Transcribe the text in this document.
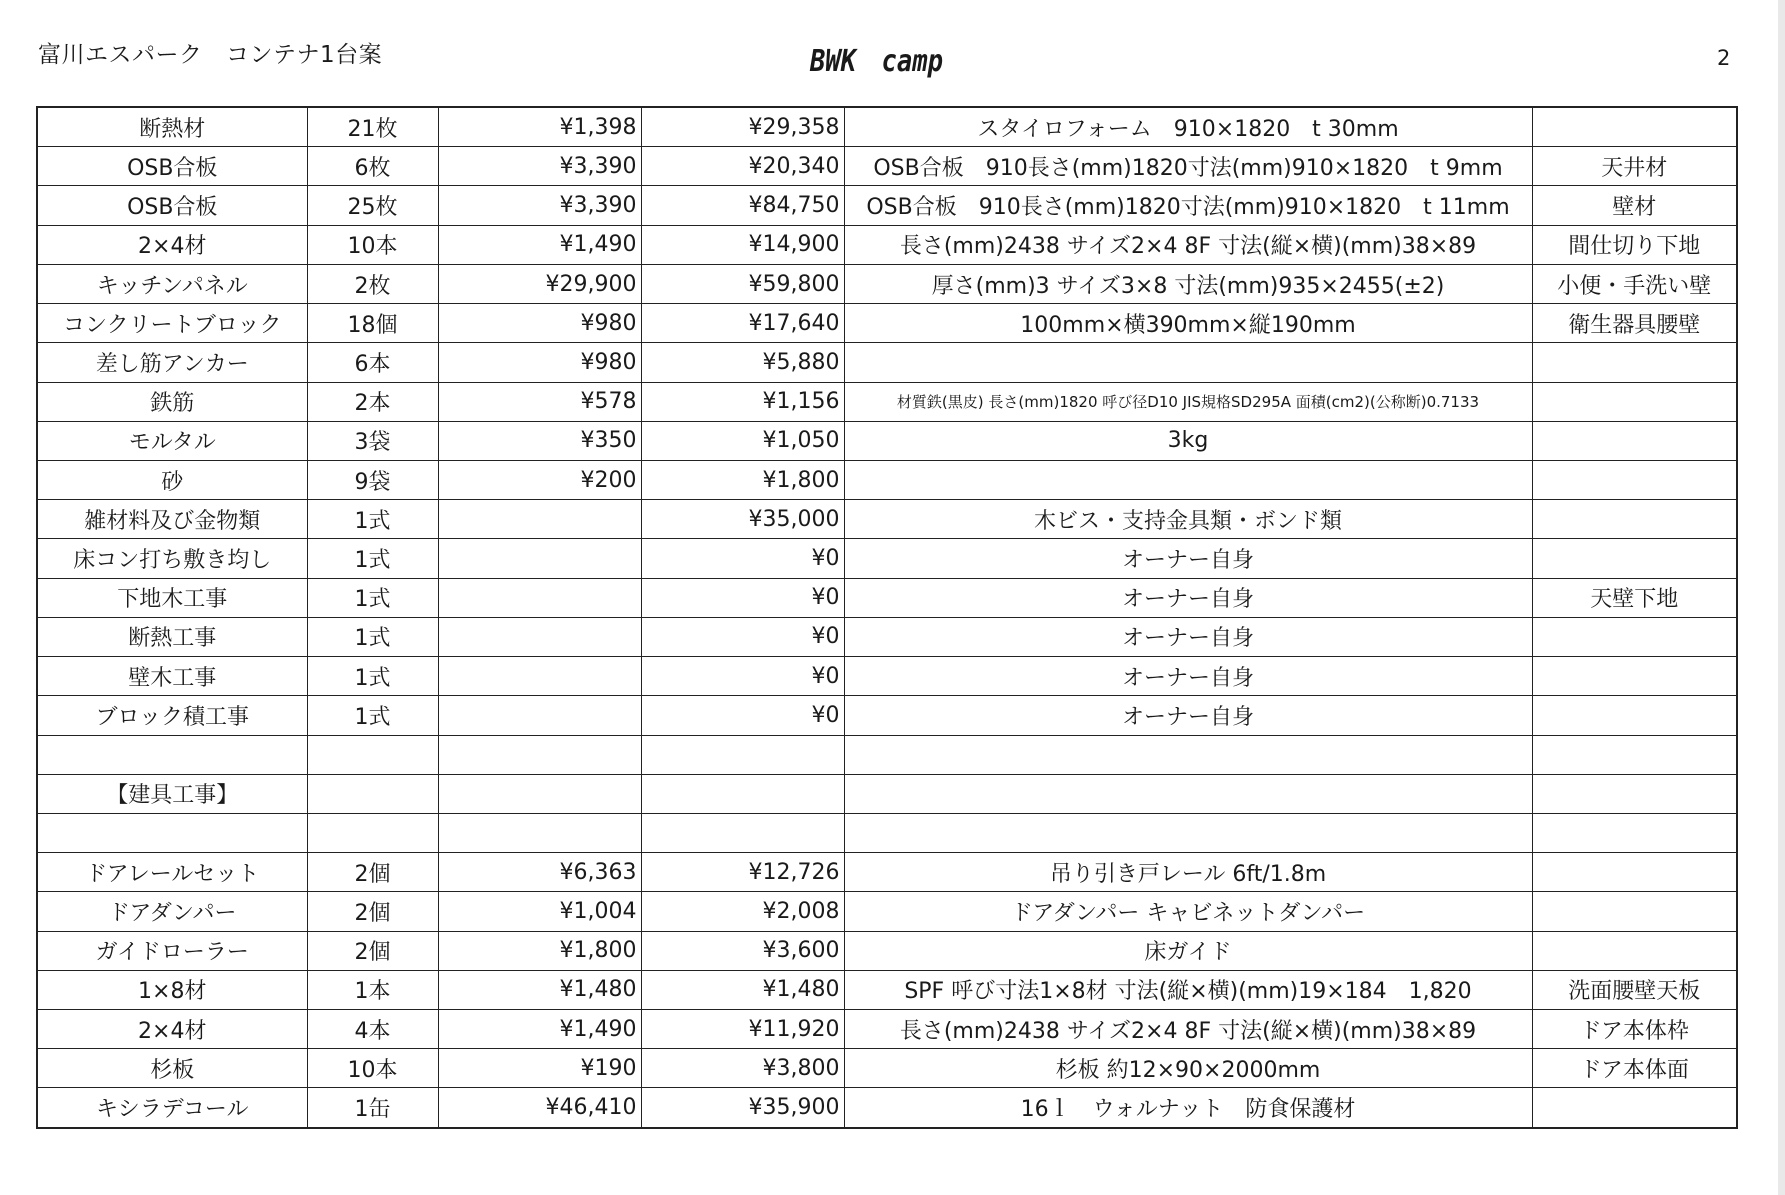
富川エスパーク　コンテナ1台案	BWK　camp	2
断熱材	21枚	¥1,398	¥29,358	スタイロフォーム　910×1820　t 30mm	
OSB合板	6枚	¥3,390	¥20,340	OSB合板　910長さ(mm)1820寸法(mm)910×1820　t 9mm	天井材
OSB合板	25枚	¥3,390	¥84,750	OSB合板　910長さ(mm)1820寸法(mm)910×1820　t 11mm	壁材
2×4材	10本	¥1,490	¥14,900	長さ(mm)2438 サイズ2×4 8F 寸法(縦×横)(mm)38×89	間仕切り下地
キッチンパネル	2枚	¥29,900	¥59,800	厚さ(mm)3 サイズ3×8 寸法(mm)935×2455(±2)	小便・手洗い壁
コンクリートブロック	18個	¥980	¥17,640	100mm×横390mm×縦190mm	衛生器具腰壁
差し筋アンカー	6本	¥980	¥5,880		
鉄筋	2本	¥578	¥1,156	材質鉄(黒皮) 長さ(mm)1820 呼び径D10 JIS規格SD295A 面積(cm2)(公称断)0.7133	
モルタル	3袋	¥350	¥1,050	3kg	
砂	9袋	¥200	¥1,800		
雑材料及び金物類	1式		¥35,000	木ビス・支持金具類・ボンド類	
床コン打ち敷き均し	1式		¥0	オーナー自身	
下地木工事	1式		¥0	オーナー自身	天壁下地
断熱工事	1式		¥0	オーナー自身	
壁木工事	1式		¥0	オーナー自身	
ブロック積工事	1式		¥0	オーナー自身	

【建具工事】					

ドアレールセット	2個	¥6,363	¥12,726	吊り引き戸レール 6ft/1.8m	
ドアダンパー	2個	¥1,004	¥2,008	ドアダンパー キャビネットダンパー	
ガイドローラー	2個	¥1,800	¥3,600	床ガイド	
1×8材	1本	¥1,480	¥1,480	SPF 呼び寸法1×8材 寸法(縦×横)(mm)19×184　1,820	洗面腰壁天板
2×4材	4本	¥1,490	¥11,920	長さ(mm)2438 サイズ2×4 8F 寸法(縦×横)(mm)38×89	ドア本体枠
杉板	10本	¥190	¥3,800	杉板 約12×90×2000mm	ドア本体面
キシラデコール	1缶	¥46,410	¥35,900	16ｌ　ウォルナット　防食保護材	
